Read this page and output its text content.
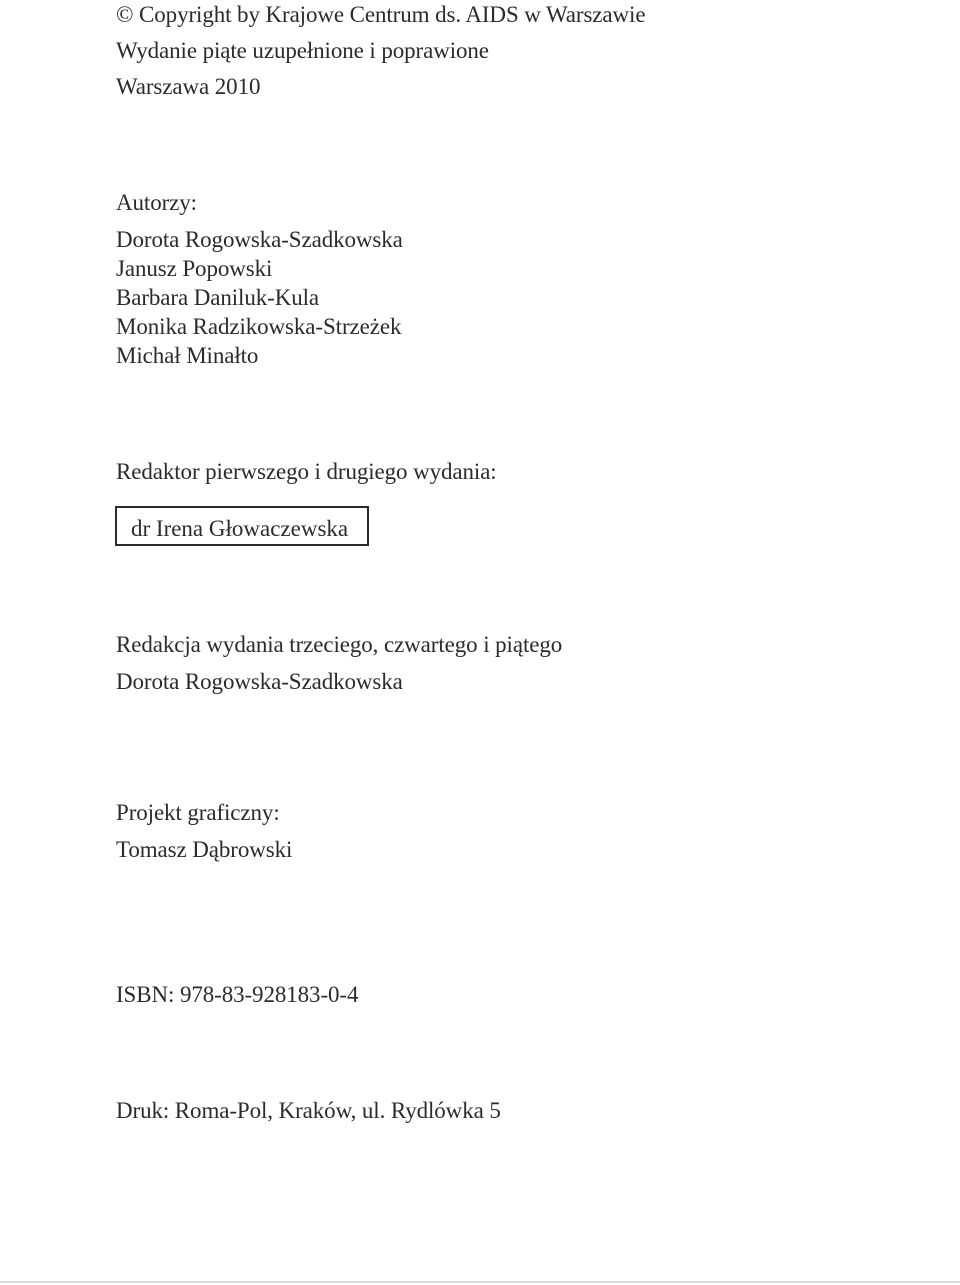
© Copyright by Krajowe Centrum ds. AIDS w Warszawie
Wydanie piąte uzupełnione i poprawione
Warszawa 2010
Autorzy:
Dorota Rogowska-Szadkowska
Janusz Popowski
Barbara Daniluk-Kula
Monika Radzikowska-Strzeżek
Michał Minałto
Redaktor pierwszego i drugiego wydania:
dr Irena Głowaczewska
Redakcja wydania trzeciego, czwartego i piątego
Dorota Rogowska-Szadkowska
Projekt graficzny:
Tomasz Dąbrowski
ISBN: 978-83-928183-0-4
Druk: Roma-Pol, Kraków, ul. Rydlówka 5
